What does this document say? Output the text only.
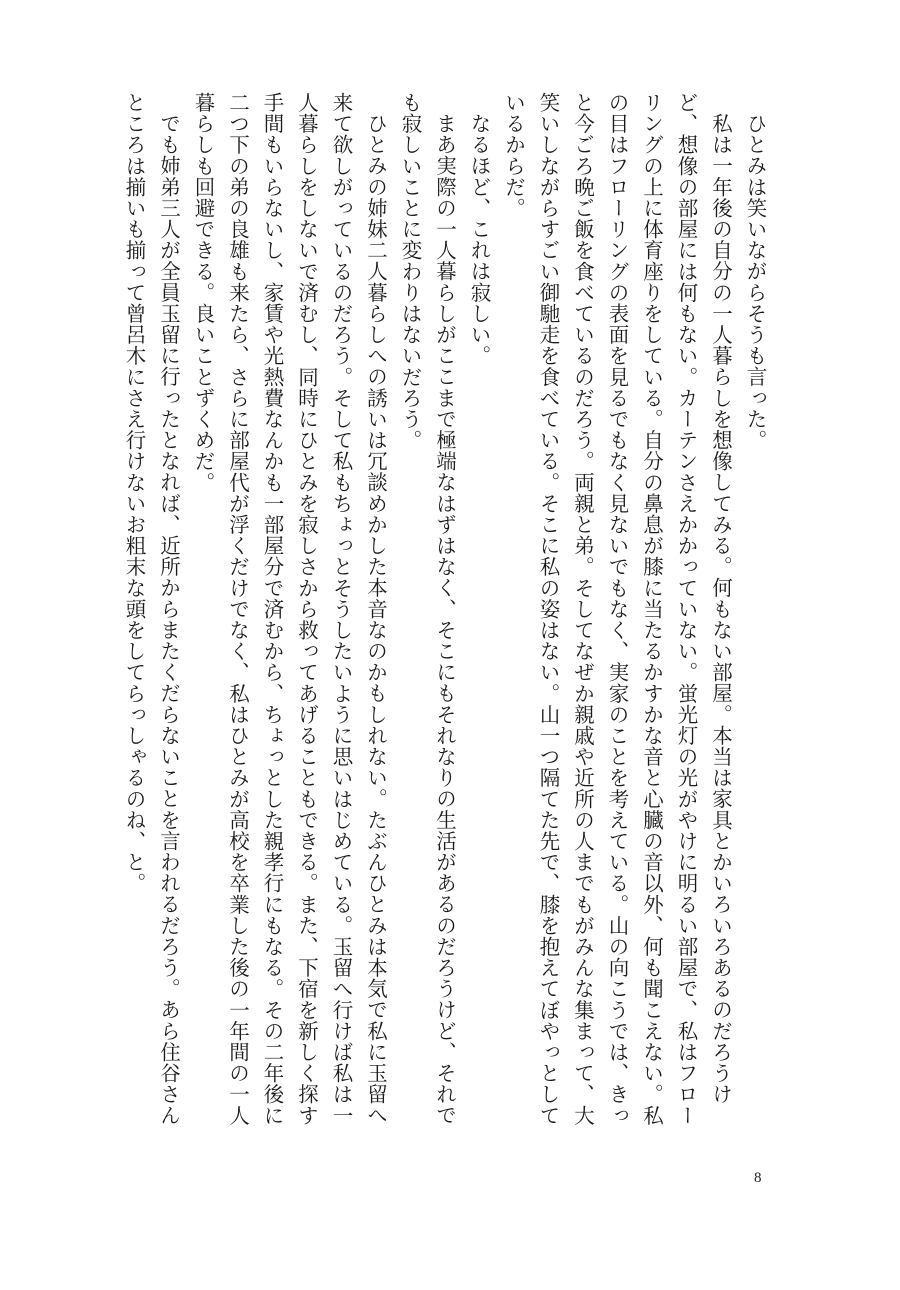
ひとみは笑いながらそうも言った。

私は一年後の自分の一人暮らしを想像してみる。何もない部屋。本当は家具とかいろいろあるのだろうけど、想像の部屋には何もない。カーテンさえかかっていない。蛍光灯の光がやけに明るい部屋で、私はフローリングの上に体育座りをしている。自分の鼻息が膝に当たるかすかな音と心臓の音以外、何も聞こえない。私の目はフローリングの表面を見るでもなく見ないでもなく、実家のことを考えている。山の向こうでは、きっと今ごろ晩ご飯を食べているのだろう。両親と弟。そしてなぜか親戚や近所の人までもがみんな集まって、大笑いしながらすごい御馳走を食べている。そこに私の姿はない。山一つ隔てた先で、膝を抱えてぼやっとしているからだ。

なるほど、これは寂しい。

まあ実際の一人暮らしがここまで極端なはずはなく、そこにもそれなりの生活があるのだろうけど、それでも寂しいことに変わりはないだろう。

ひとみの姉妹二人暮らしへの誘いは冗談めかした本音なのかもしれない。たぶんひとみは本気で私に玉留へ来て欲しがっているのだろう。そして私もちょっとそうしたいように思いはじめている。玉留へ行けば私は一人暮らしをしないで済むし、同時にひとみを寂しさから救ってあげることもできる。また、下宿を新しく探す手間もいらないし、家賃や光熱費なんかも一部屋分で済むから、ちょっとした親孝行にもなる。その二年後に二つ下の弟の良雄も来たら、さらに部屋代が浮くだけでなく、私はひとみが高校を卒業した後の一年間の一人暮らしも回避できる。良いことずくめだ。

でも姉弟三人が全員玉留に行ったとなれば、近所からまたくだらないことを言われるだろう。あら住谷さんところは揃いも揃って曾呂木にさえ行けないお粗末な頭をしてらっしゃるのね、と。

8
